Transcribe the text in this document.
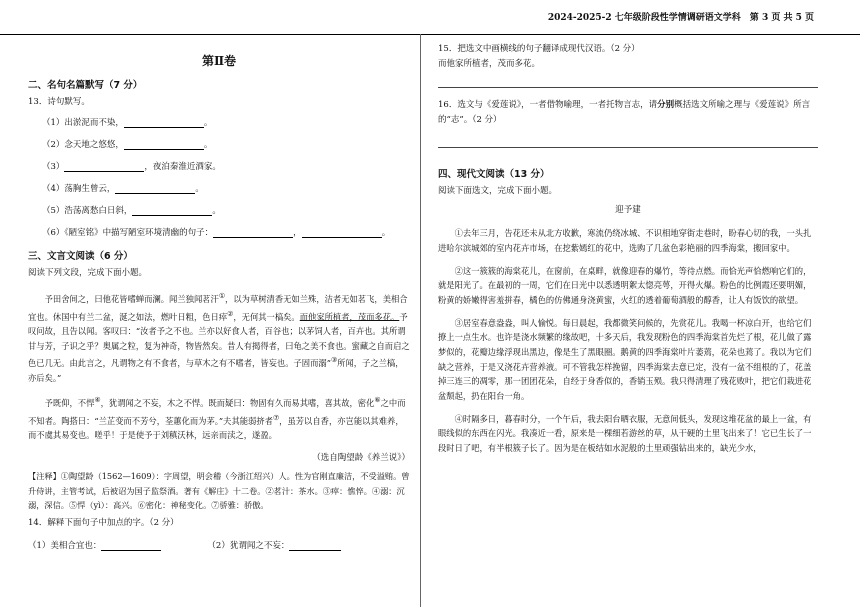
2024-2025-2 七年级阶段性学情调研语文学科　第 3 页 共 5 页
第Ⅱ卷
二、名句名篇默写（7 分）

13．诗句默写。

（1）出淤泥而不染，	。
（2）念天地之悠悠，	。
（3）	，夜泊秦淮近酒家。
（4）荡胸生曾云，	。
（5）浩荡离愁白日斜，	。
（6）《陋室铭》中描写陋室环境清幽的句子：	，	。
三、文言文阅读（6 分）

阅读下列文段，完成下面小题。

予田舍间之，曰他花皆嗜蝉而澜。闻兰独闻茗汗①，以为草树清香无如兰殊，洁者无如茗飞，美相合宜也。休国中有兰二盆，涎之如法，燃叶日粗，色日瘁②，无何其一槁矣。而他家所植者，茂而多花。予叹问故，且告以闻。客叹曰：“汝者予之不也。兰亦以好食人者，百谷也；以茅饲人者，百卉也。其所谓甘与芳，子识之乎？奥属之粒，复为神奇，物皆然矣。昔人有揭得者，曰龟之美不食也。蜜藏之自而启之色已几无。由此言之，凡谓物之有不食者，与草木之有不嗜者，皆妄也。子固而溺”③所闻，子之兰槁，亦后矣。”

予既仰，不悍④，犹谓闻之不妄，木之不悍。既而疑曰：物固有久而易其嗜，喜其故，密化⑥之中而不知者。陶搭曰：“兰芷变而不芳兮，荃蕙化而为茅。”夫其能弱挤者⑦，虽芳以自香，亦岂能以其难养，而不虞其易变也。嗟乎！于是使予于刘稹沃林，远亲而渎之，遂盈。

（选自陶望龄《养兰说》）

【注释】①陶望龄（1562—1609）：字周望，明会稽（今浙江绍兴）人。性为官刚直廉洁，不受溢贿。曾升侍讲，主管考试，后被诏为国子监祭酒。著有《解庄》十二卷。②茗汁：茶水。③瘁：憔悴。④溺：沉溺，深信。⑤悍（yì）：高兴。⑥密化：神秘变化。⑦骄雅：骄傲。

14．解释下面句子中加点的字。（2 分）

（1）美相合宜也：	（2）犹谓闻之不妄：

15．把选文中画横线的句子翻译成现代汉语。（2 分）

而他家所植者，茂而多花。

16．选文与《爱莲说》，一者借物喻理，一者托物言志，请分别概括选文所喻之理与《爱莲说》所言的“志”。（2 分）

四、现代文阅读（13 分）

阅读下面选文，完成下面小题。

迎予建

①去年三月，告花还未从北方收歉，寒流仍绕冰城、不识相地穿街走巷时，盼春心切的我，一头扎进哈尔滨城郊的室内花卉市场，在挖紫嫣红的花中，选购了几盆色彩艳丽的四季海棠，搬回家中。

②这一簇簇的海棠花儿，在窗前，在桌畔，就像迎春的爆竹，等待点燃。而恰光声恰燃响它们的，就是阳光了。在最初的一周，它们在日光中以悉透明絮太惚亮萼，开得火爆。粉色的比例霞还要明媚，粉黄的娇嫩得害羞拼春，橘色的仿佛通身浇黄蜜，火红的透着葡萄酒般的醇香，让人有饭饮的欲望。

③居室春意盎盎，叫人愉悦。每日晨起，我都微笑问候的，先赏花儿。我喝一杯凉白开，也给它们撩上一点生水。也许是浇水频繁的缘故吧，十多天后，我发现粉色的四季海棠首先烂了根，花儿做了露梦似的，花瓣边缘浮现出黑边，像是生了黑眼圈。鹅黄的四季海棠叶片萎蔫，花朵也蔫了。我以为它们缺之营养，于是又浇花卉营养液。可不管我怎样挽留，四季海棠去意已定，没有一盆不组根的了，花盖掉三连三的凋零，那一团团花朵，自经于身香似的，香销玉殒。我只得清理了残花败叶，把它们栽进花盆颓起，扔在阳台一角。

④时隔多日，暮春时分，一个午后，我去阳台晒衣服，无意间低头，发现这堆花盆的最上一盆，有眼线似的东西在闪光。我凑近一看，原来是一棵细若游丝的草，从干硬的土里飞出来了！它已生长了一段时日了吧，有半根簇子长了。因为是在板结如水泥般的土里顽强钻出来的，缺光少水，
